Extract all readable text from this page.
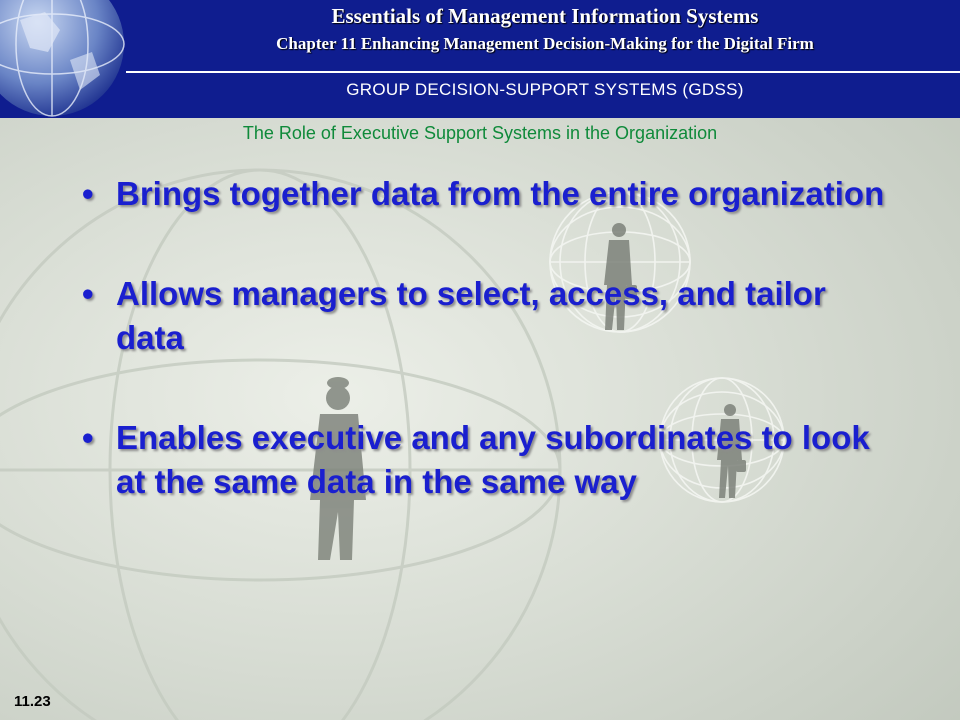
Essentials of Management Information Systems
Chapter 11 Enhancing Management Decision-Making for the Digital Firm
GROUP DECISION-SUPPORT SYSTEMS (GDSS)
The Role of Executive Support Systems in the Organization
• Brings together data from the entire organization
• Allows managers to select, access, and tailor data
• Enables executive and any subordinates to look at the same data in the same way
11.23
